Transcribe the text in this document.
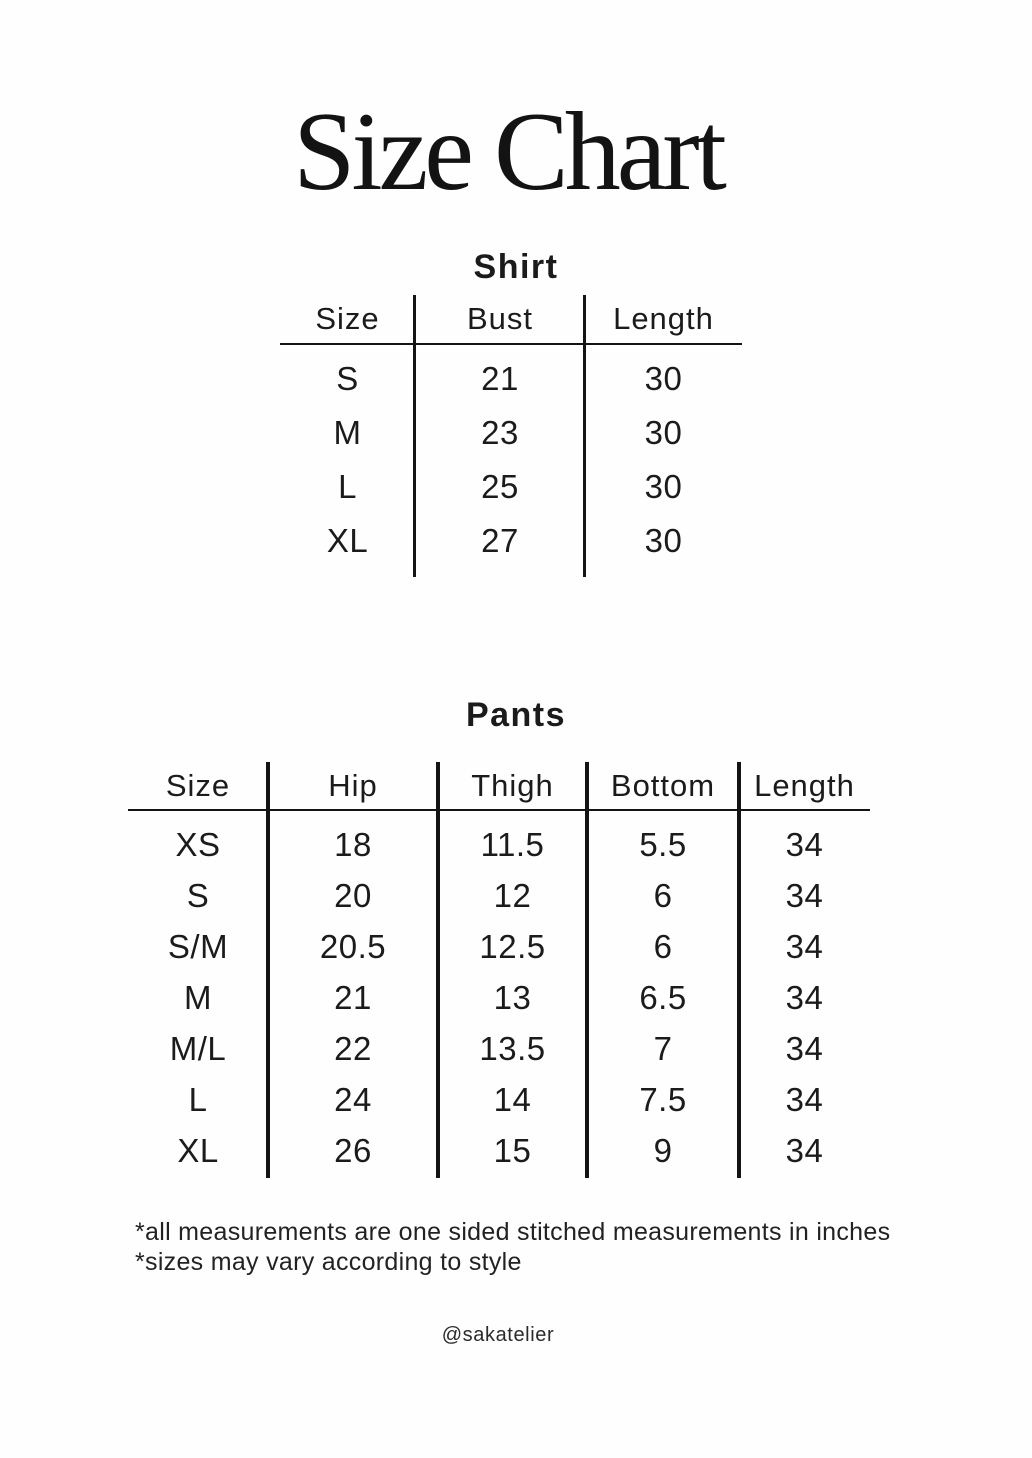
Size Chart
Shirt
Size	Bust	Length
S	21	30
M	23	30
L	25	30
XL	27	30
Pants
Size	Hip	Thigh	Bottom	Length
XS	18	11.5	5.5	34
S	20	12	6	34
S/M	20.5	12.5	6	34
M	21	13	6.5	34
M/L	22	13.5	7	34
L	24	14	7.5	34
XL	26	15	9	34
*all measurements are one sided stitched measurements in inches
*sizes may vary according to style
@sakatelier
